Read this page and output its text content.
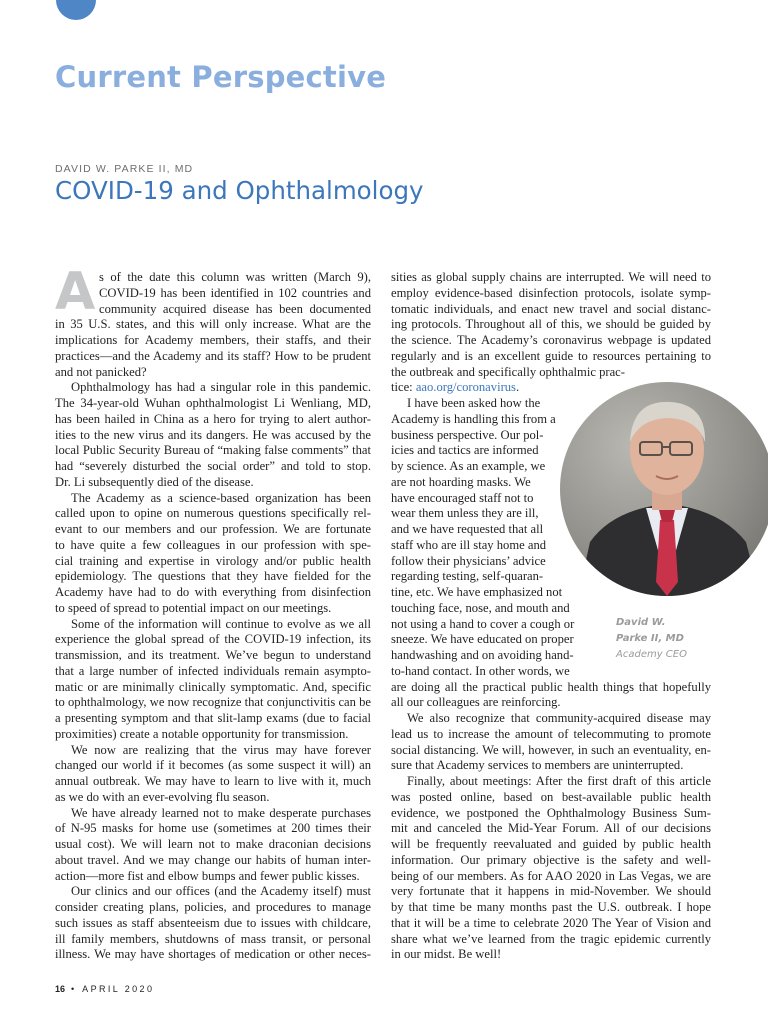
Current Perspective

DAVID W. PARKE II, MD

COVID-19 and Ophthalmology
A s of the date this column was written (March 9),
COVID-19 has been identified in 102 countries and
community acquired disease has been documented
in 35 U.S. states, and this will only increase. What are the
implications for Academy members, their staffs, and their
practices—and the Academy and its staff? How to be prudent
and not panicked?
Ophthalmology has had a singular role in this pandemic.
The 34-year-old Wuhan ophthalmologist Li Wenliang, MD,
has been hailed in China as a hero for trying to alert author-
ities to the new virus and its dangers. He was accused by the
local Public Security Bureau of “making false comments” that
had “severely disturbed the social order” and told to stop.
Dr. Li subsequently died of the disease.
The Academy as a science-based organization has been
called upon to opine on numerous questions specifically rel-
evant to our members and our profession. We are fortunate
to have quite a few colleagues in our profession with spe-
cial training and expertise in virology and/or public health
epidemiology. The questions that they have fielded for the
Academy have had to do with everything from disinfection
to speed of spread to potential impact on our meetings.
Some of the information will continue to evolve as we all
experience the global spread of the COVID-19 infection, its
transmission, and its treatment. We’ve begun to understand
that a large number of infected individuals remain asympto-
matic or are minimally clinically symptomatic. And, specific
to ophthalmology, we now recognize that conjunctivitis can be
a presenting symptom and that slit-lamp exams (due to facial
proximities) create a notable opportunity for transmission.
We now are realizing that the virus may have forever
changed our world if it becomes (as some suspect it will) an
annual outbreak. We may have to learn to live with it, much
as we do with an ever-evolving flu season.
We have already learned not to make desperate purchases
of N-95 masks for home use (sometimes at 200 times their
usual cost). We will learn not to make draconian decisions
about travel. And we may change our habits of human inter-
action—more fist and elbow bumps and fewer public kisses.
Our clinics and our offices (and the Academy itself) must
consider creating plans, policies, and procedures to manage
such issues as staff absenteeism due to issues with childcare,
ill family members, shutdowns of mass transit, or personal
illness. We may have shortages of medication or other neces-
sities as global supply chains are interrupted. We will need to
employ evidence-based disinfection protocols, isolate symp-
tomatic individuals, and enact new travel and social distanc-
ing protocols. Throughout all of this, we should be guided by
the science. The Academy’s coronavirus webpage is updated
regularly and is an excellent guide to resources pertaining to
the outbreak and specifically ophthalmic prac-
tice: aao.org/coronavirus.
I have been asked how the
Academy is handling this from a
business perspective. Our pol-
icies and tactics are informed
by science. As an example, we
are not hoarding masks. We
have encouraged staff not to
wear them unless they are ill,
and we have requested that all
staff who are ill stay home and
follow their physicians’ advice
regarding testing, self-quaran-
tine, etc. We have emphasized not
touching face, nose, and mouth and
not using a hand to cover a cough or
sneeze. We have educated on proper
handwashing and on avoiding hand-
to-hand contact. In other words, we
are doing all the practical public health things that hopefully
all our colleagues are reinforcing.
We also recognize that community-acquired disease may
lead us to increase the amount of telecommuting to promote
social distancing. We will, however, in such an eventuality, en-
sure that Academy services to members are uninterrupted.
Finally, about meetings: After the first draft of this article
was posted online, based on best-available public health
evidence, we postponed the Ophthalmology Business Sum-
mit and canceled the Mid-Year Forum. All of our decisions
will be frequently reevaluated and guided by public health
information. Our primary objective is the safety and well-
being of our members. As for AAO 2020 in Las Vegas, we are
very fortunate that it happens in mid-November. We should
by that time be many months past the U.S. outbreak. I hope
that it will be a time to celebrate 2020 The Year of Vision and
share what we’ve learned from the tragic epidemic currently
in our midst. Be well!
David W.
Parke II, MD
Academy CEO
16 • APRIL 2020
